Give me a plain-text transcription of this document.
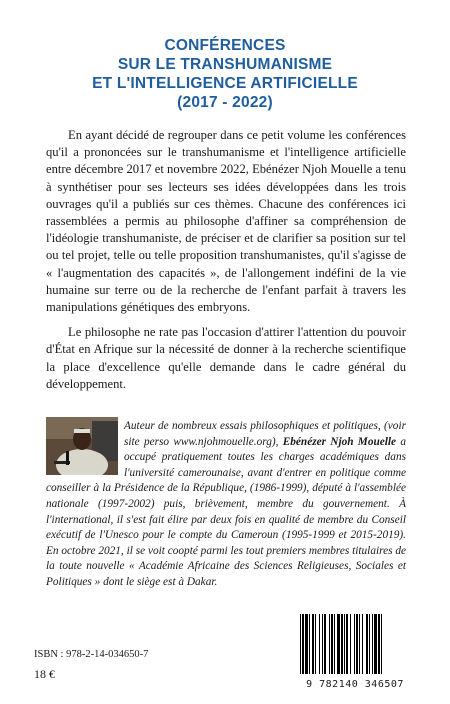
CONFÉRENCES
SUR LE TRANSHUMANISME
ET L'INTELLIGENCE ARTIFICIELLE
(2017 - 2022)

En ayant décidé de regrouper dans ce petit volume les conférences qu'il a prononcées sur le transhumanisme et l'intelligence artificielle entre décembre 2017 et novembre 2022, Ebénézer Njoh Mouelle a tenu à synthétiser pour ses lecteurs ses idées développées dans les trois ouvrages qu'il a publiés sur ces thèmes. Chacune des conférences ici rassemblées a permis au philosophe d'affiner sa compréhension de l'idéologie transhumaniste, de préciser et de clarifier sa position sur tel ou tel projet, telle ou telle proposition transhumanistes, qu'il s'agisse de « l'augmentation des capacités », de l'allongement indéfini de la vie humaine sur terre ou de la recherche de l'enfant parfait à travers les manipulations génétiques des embryons.

Le philosophe ne rate pas l'occasion d'attirer l'attention du pouvoir d'État en Afrique sur la nécessité de donner à la recherche scientifique la place d'excellence qu'elle demande dans le cadre général du développement.

Auteur de nombreux essais philosophiques et politiques, (voir site perso www.njohmouelle.org), Ebénézer Njoh Mouelle a occupé pratiquement toutes les charges académiques dans l'université camerounaise, avant d'entrer en politique comme conseiller à la Présidence de la République, (1986-1999), député à l'assemblée nationale (1997-2002) puis, brièvement, membre du gouvernement. À l'international, il s'est fait élire par deux fois en qualité de membre du Conseil exécutif de l'Unesco pour le compte du Cameroun (1995-1999 et 2015-2019). En octobre 2021, il se voit coopté parmi les tout premiers membres titulaires de la toute nouvelle « Académie Africaine des Sciences Religieuses, Sociales et Politiques » dont le siège est à Dakar.
ISBN : 978-2-14-034650-7
18 €
9 782140 346507
